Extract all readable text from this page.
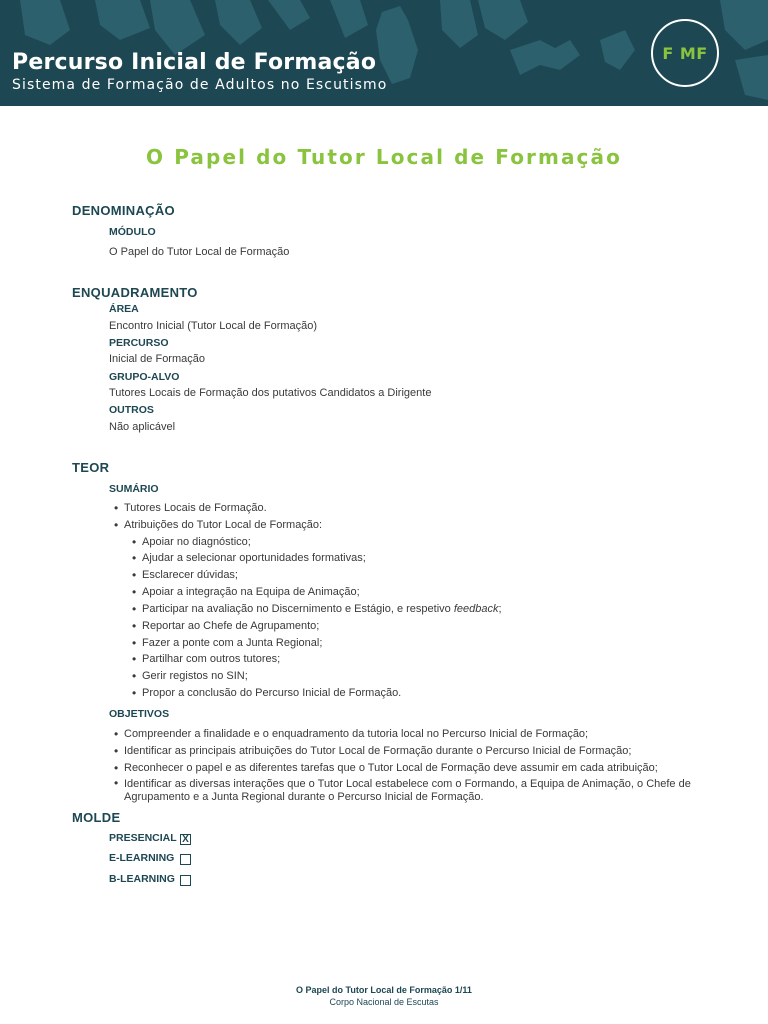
Percurso Inicial de Formação
Sistema de Formação de Adultos no Escutismo
F MF
O Papel do Tutor Local de Formação
DENOMINAÇÃO
MÓDULO
O Papel do Tutor Local de Formação
ENQUADRAMENTO
ÁREA
Encontro Inicial (Tutor Local de Formação)
PERCURSO
Inicial de Formação
GRUPO-ALVO
Tutores Locais de Formação dos putativos Candidatos a Dirigente
OUTROS
Não aplicável
TEOR
SUMÁRIO
• Tutores Locais de Formação.
• Atribuições do Tutor Local de Formação:
• Apoiar no diagnóstico;
• Ajudar a selecionar oportunidades formativas;
• Esclarecer dúvidas;
• Apoiar a integração na Equipa de Animação;
• Participar na avaliação no Discernimento e Estágio, e respetivo feedback;
• Reportar ao Chefe de Agrupamento;
• Fazer a ponte com a Junta Regional;
• Partilhar com outros tutores;
• Gerir registos no SIN;
• Propor a conclusão do Percurso Inicial de Formação.
OBJETIVOS
• Compreender a finalidade e o enquadramento da tutoria local no Percurso Inicial de Formação;
• Identificar as principais atribuições do Tutor Local de Formação durante o Percurso Inicial de Formação;
• Reconhecer o papel e as diferentes tarefas que o Tutor Local de Formação deve assumir em cada atribuição;
• Identificar as diversas interações que o Tutor Local estabelece com o Formando, a Equipa de Animação, o Chefe de Agrupamento e a Junta Regional durante o Percurso Inicial de Formação.
MOLDE
PRESENCIAL X
E-LEARNING
B-LEARNING
O Papel do Tutor Local de Formação 1/11
Corpo Nacional de Escutas
